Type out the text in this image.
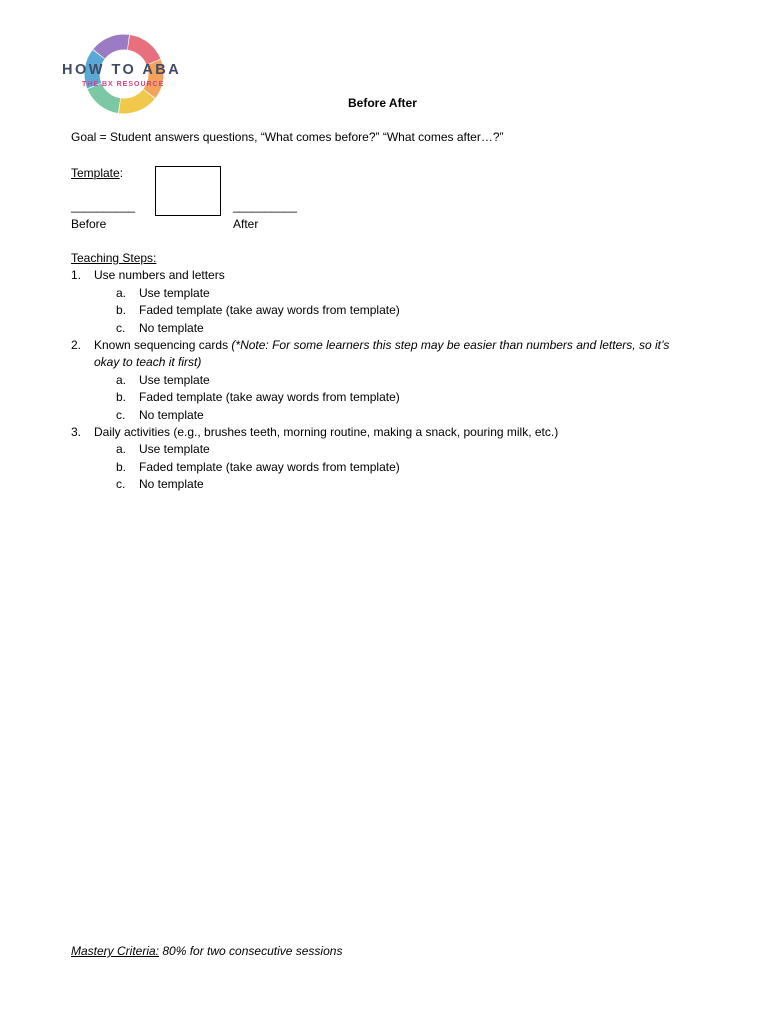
HOW TO ABA
THE BX RESOURCE
Before After
Goal = Student answers questions, “What comes before?” “What comes after…?”
Template:
__________	__________
Before	After
Teaching Steps:
1. Use numbers and letters
a. Use template
b. Faded template (take away words from template)
c. No template
2. Known sequencing cards (*Note: For some learners this step may be easier than numbers and letters, so it’s
okay to teach it first)
a. Use template
b. Faded template (take away words from template)
c. No template
3. Daily activities (e.g., brushes teeth, morning routine, making a snack, pouring milk, etc.)
a. Use template
b. Faded template (take away words from template)
c. No template
Mastery Criteria: 80% for two consecutive sessions
